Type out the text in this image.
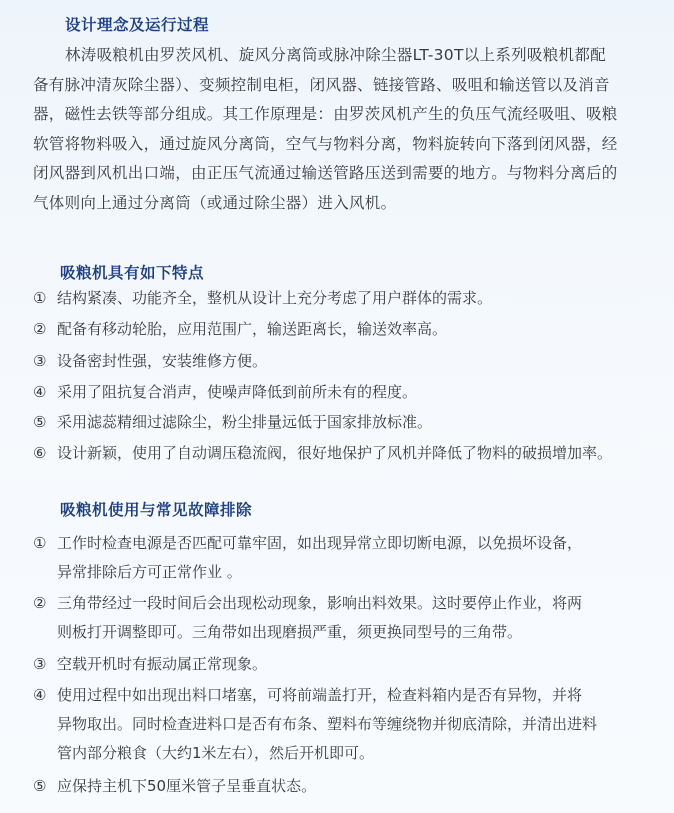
设计理念及运行过程
林涛吸粮机由罗茨风机、旋风分离筒或脉冲除尘器LT-30T以上系列吸粮机都配
备有脉冲清灰除尘器）、变频控制电柜，闭风器、链接管路、吸咀和输送管以及消音
器，磁性去铁等部分组成。其工作原理是：由罗茨风机产生的负压气流经吸咀、吸粮
软管将物料吸入，通过旋风分离筒，空气与物料分离，物料旋转向下落到闭风器，经
闭风器到风机出口端，由正压气流通过输送管路压送到需要的地方。与物料分离后的
气体则向上通过分离筒（或通过除尘器）进入风机。
吸粮机具有如下特点
① 结构紧凑、功能齐全，整机从设计上充分考虑了用户群体的需求。
② 配备有移动轮胎，应用范围广，输送距离长，输送效率高。
③ 设备密封性强，安装维修方便。
④ 采用了阻抗复合消声，使噪声降低到前所未有的程度。
⑤ 采用滤蕊精细过滤除尘，粉尘排量远低于国家排放标准。
⑥ 设计新颖，使用了自动调压稳流阀，很好地保护了风机并降低了物料的破损增加率。
吸粮机使用与常见故障排除
① 工作时检查电源是否匹配可靠牢固，如出现异常立即切断电源，以免损坏设备，
异常排除后方可正常作业 。
② 三角带经过一段时间后会出现松动现象，影响出料效果。这时要停止作业，将两
则板打开调整即可。三角带如出现磨损严重，须更换同型号的三角带。
③ 空载开机时有振动属正常现象。
④ 使用过程中如出现出料口堵塞，可将前端盖打开，检查料箱内是否有异物，并将
异物取出。同时检查进料口是否有布条、塑料布等缠绕物并彻底清除，并清出进料
管内部分粮食（大约1米左右），然后开机即可。
⑤ 应保持主机下50厘米管子呈垂直状态。
